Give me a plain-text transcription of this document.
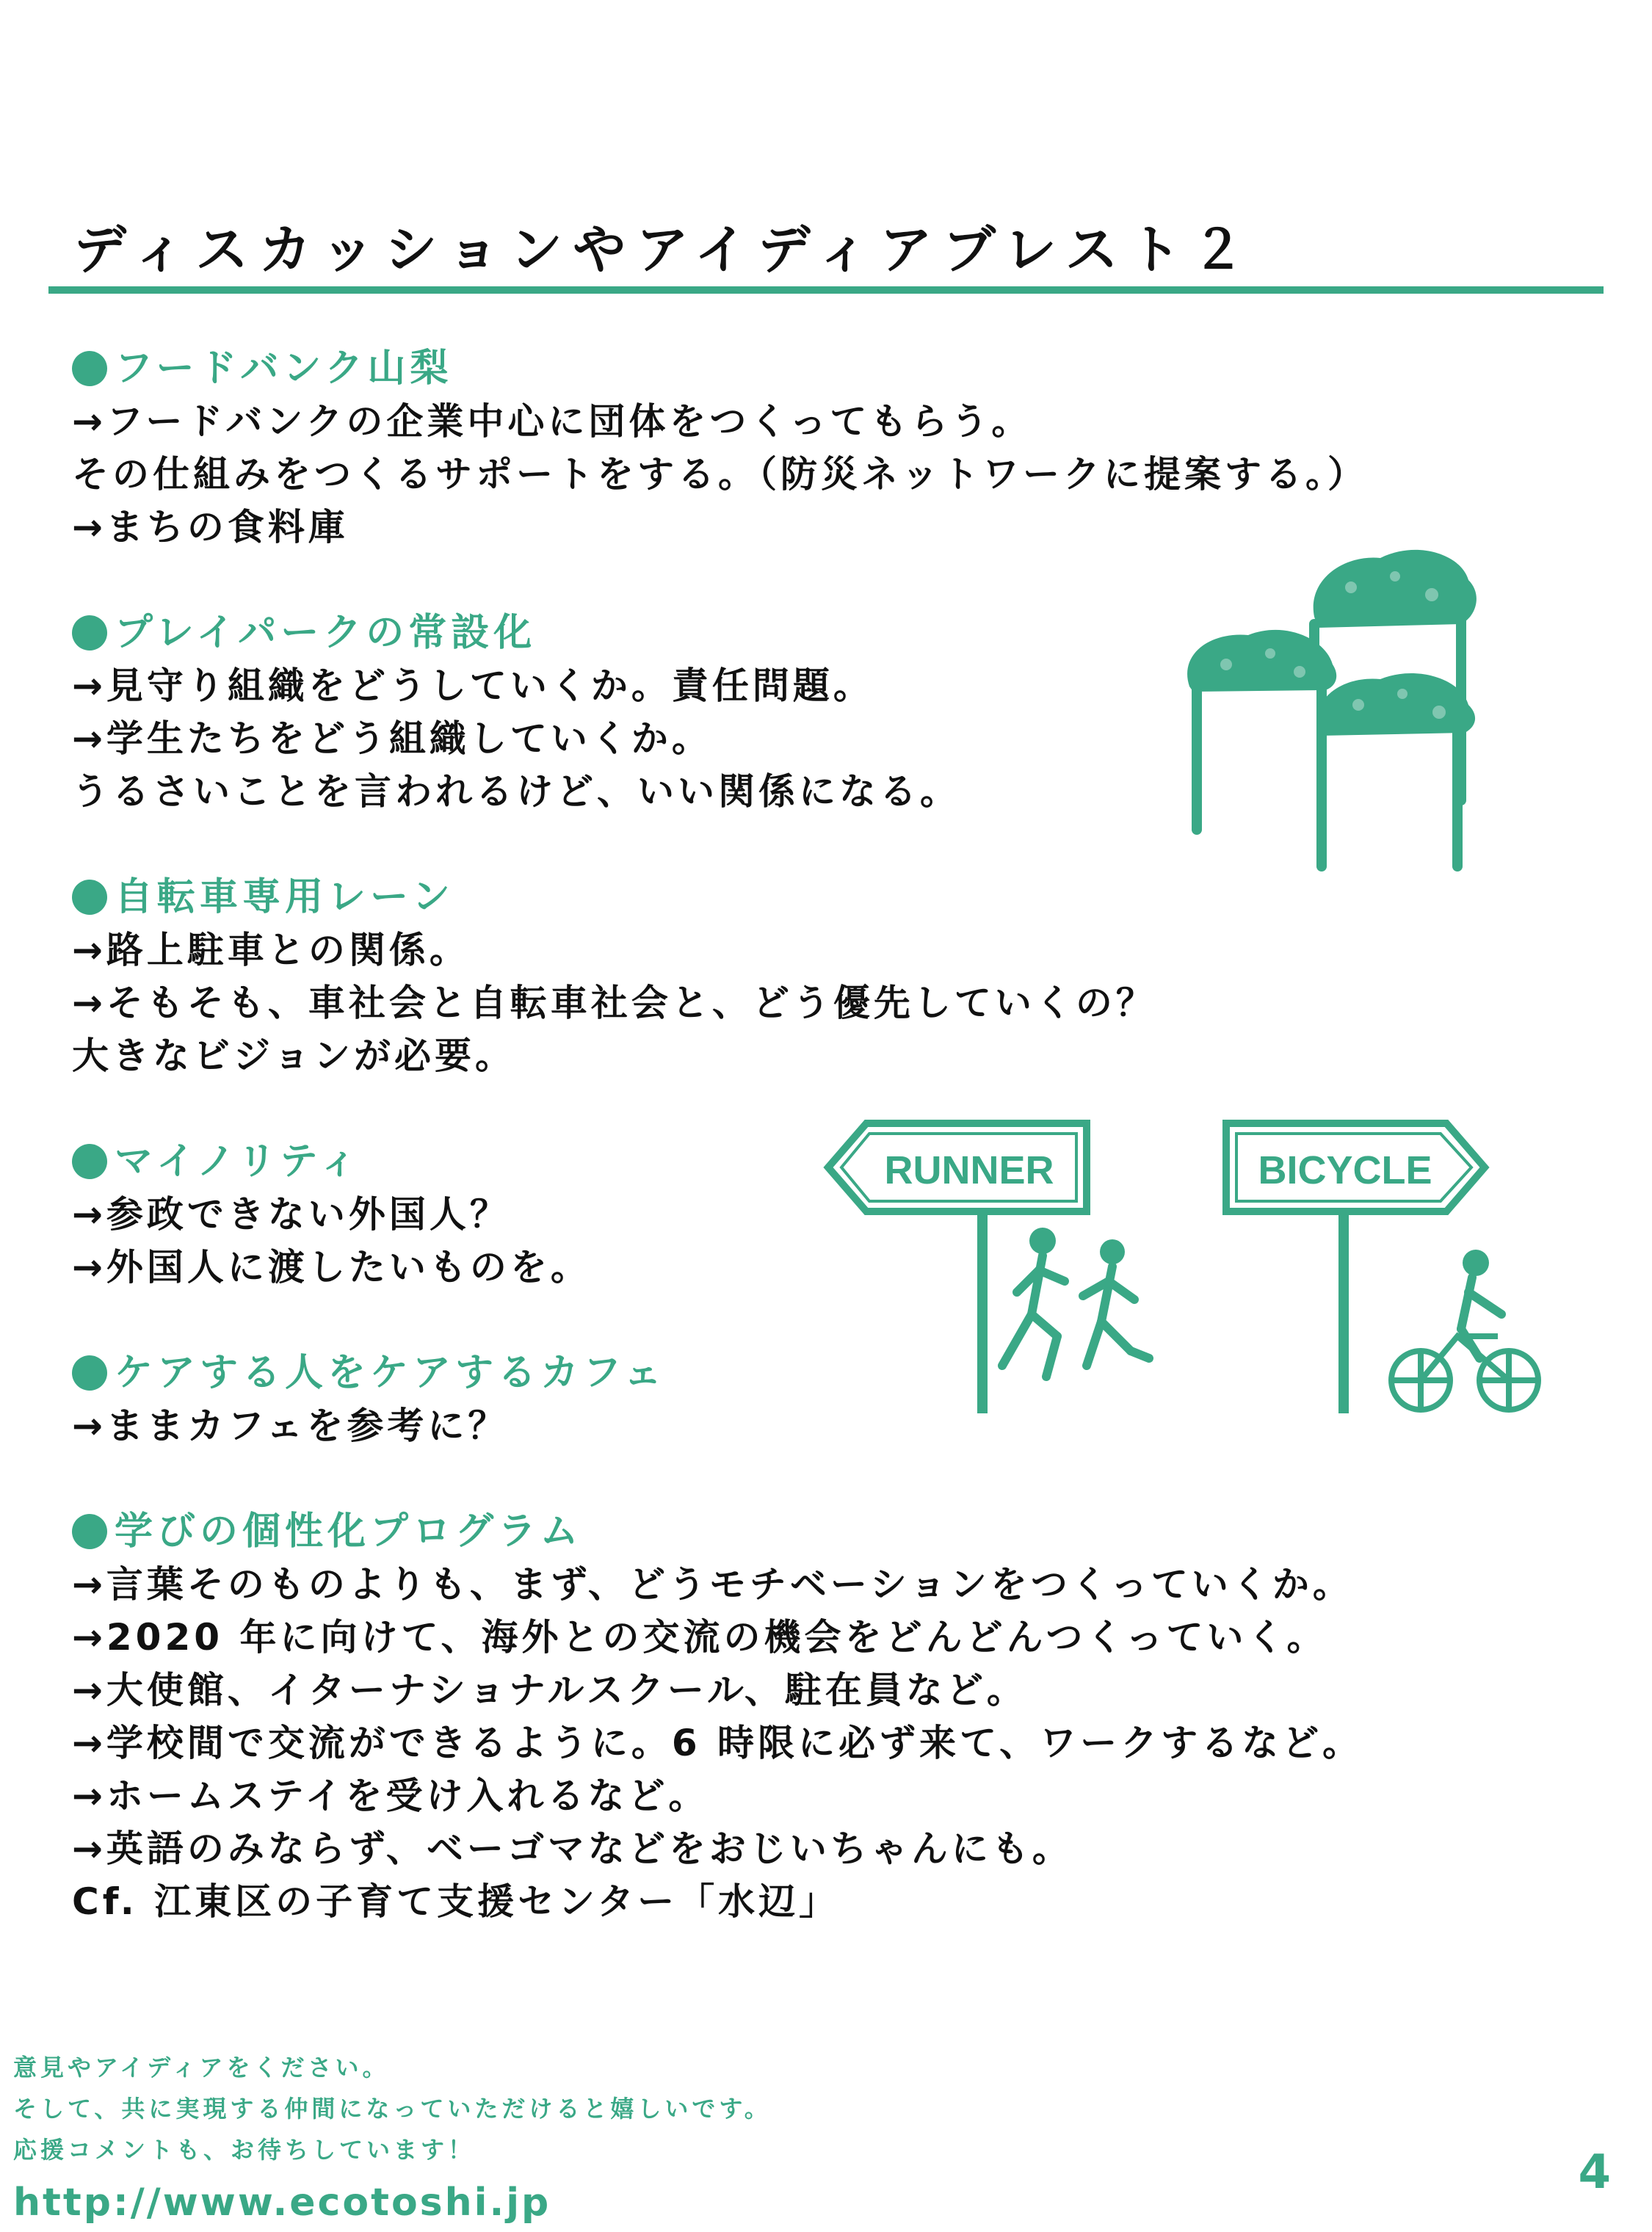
ディスカッションやアイディアブレスト２
フードバンク山梨
→フードバンクの企業中心に団体をつくってもらう。
その仕組みをつくるサポートをする。（防災ネットワークに提案する。）
→まちの食料庫
プレイパークの常設化
→見守り組織をどうしていくか。責任問題。
→学生たちをどう組織していくか。
うるさいことを言われるけど、いい関係になる。
自転車専用レーン
→路上駐車との関係。
→そもそも、車社会と自転車社会と、どう優先していくの？
大きなビジョンが必要。
マイノリティ
→参政できない外国人？
→外国人に渡したいものを。
ケアする人をケアするカフェ
→ままカフェを参考に？
学びの個性化プログラム
→言葉そのものよりも、まず、どうモチベーションをつくっていくか。
→2020 年に向けて、海外との交流の機会をどんどんつくっていく。
→大使館、イターナショナルスクール、駐在員など。
→学校間で交流ができるように。6 時限に必ず来て、ワークするなど。
→ホームステイを受け入れるなど。
→英語のみならず、ベーゴマなどをおじいちゃんにも。
Cf. 江東区の子育て支援センター「水辺」
RUNNER	BICYCLE
意見やアイディアをください。
そして、共に実現する仲間になっていただけると嬉しいです。
応援コメントも、お待ちしています！
http://www.ecotoshi.jp
4
